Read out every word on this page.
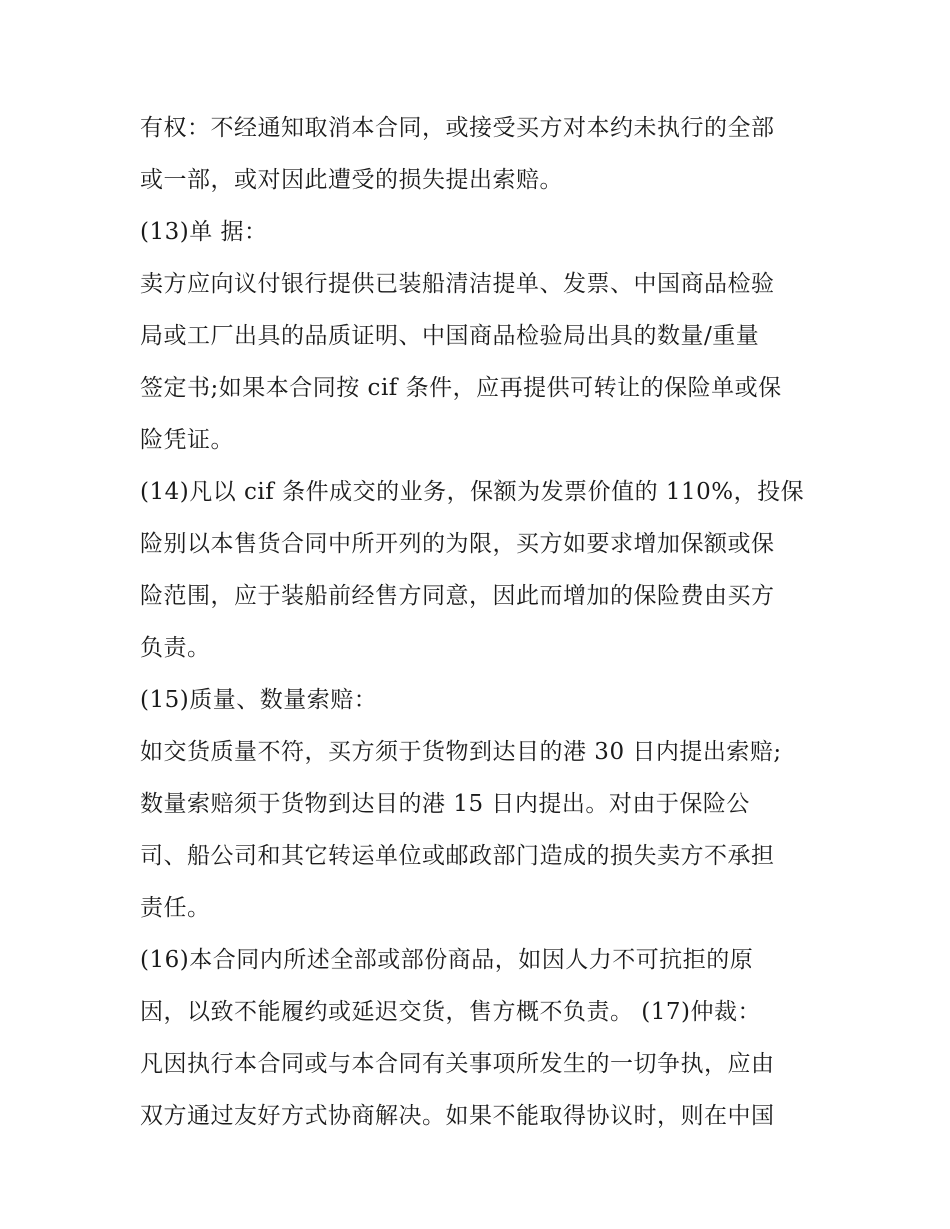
有权：不经通知取消本合同，或接受买方对本约未执行的全部

或一部，或对因此遭受的损失提出索赔。

(13)单 据：

卖方应向议付银行提供已装船清洁提单、发票、中国商品检验

局或工厂出具的品质证明、中国商品检验局出具的数量/重量

签定书;如果本合同按 cif 条件，应再提供可转让的保险单或保

险凭证。

(14)凡以 cif 条件成交的业务，保额为发票价值的 110%，投保

险别以本售货合同中所开列的为限，买方如要求增加保额或保

险范围，应于装船前经售方同意，因此而增加的保险费由买方

负责。

(15)质量、数量索赔：

如交货质量不符，买方须于货物到达目的港 30 日内提出索赔;

数量索赔须于货物到达目的港 15 日内提出。对由于保险公

司、船公司和其它转运单位或邮政部门造成的损失卖方不承担

责任。

(16)本合同内所述全部或部份商品，如因人力不可抗拒的原

因，以致不能履约或延迟交货，售方概不负责。 (17)仲裁：

凡因执行本合同或与本合同有关事项所发生的一切争执，应由

双方通过友好方式协商解决。如果不能取得协议时，则在中国
